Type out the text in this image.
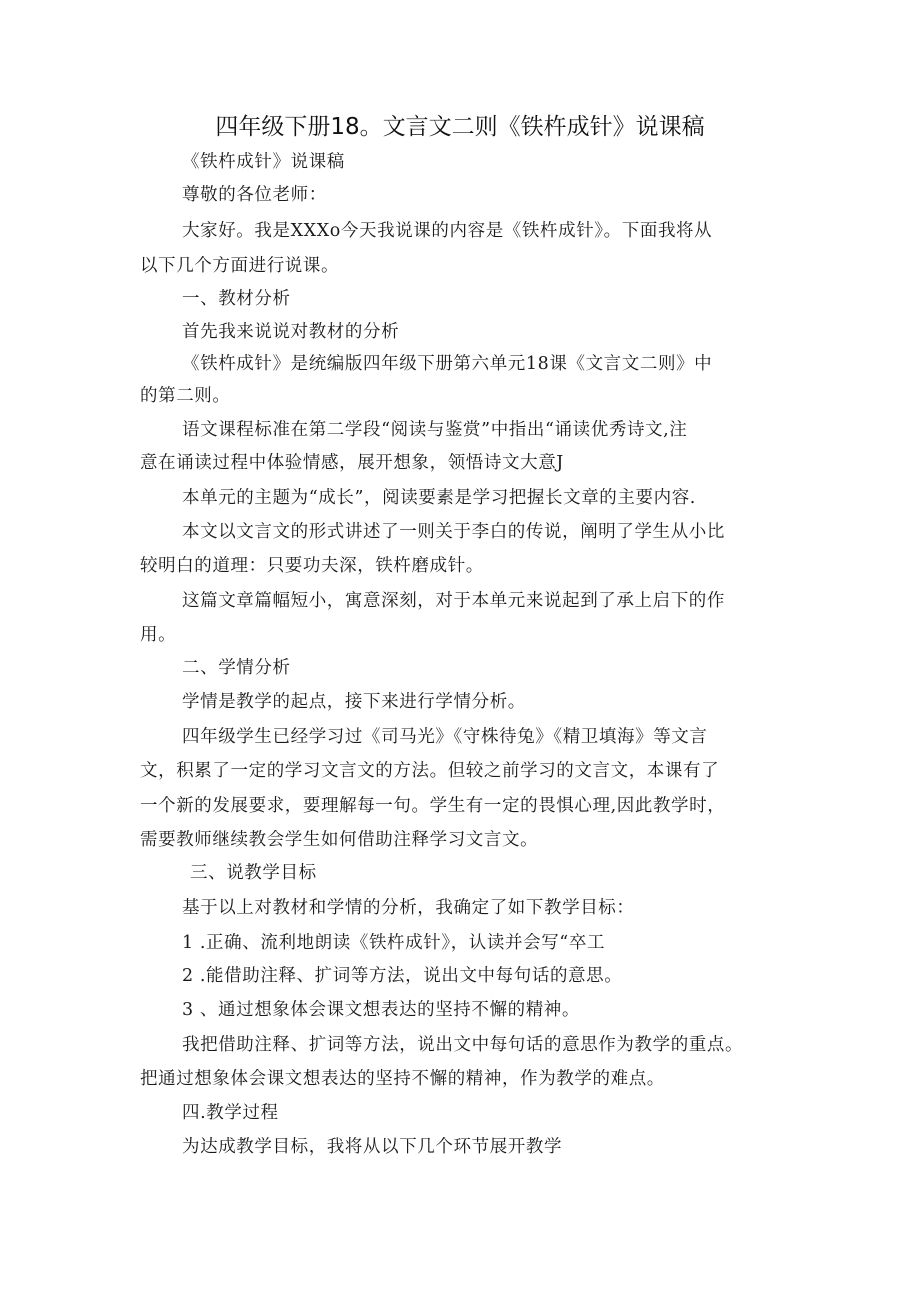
四年级下册18。文言文二则《铁杵成针》说课稿
《铁杵成针》说课稿
尊敬的各位老师：
大家好。我是XXXo今天我说课的内容是《铁杵成针》。下面我将从
以下几个方面进行说课。
一、教材分析
首先我来说说对教材的分析
《铁杵成针》是统编版四年级下册第六单元18课《文言文二则》中
的第二则。
语文课程标准在第二学段“阅读与鉴赏”中指出“诵读优秀诗文,注
意在诵读过程中体验情感，展开想象，领悟诗文大意J
本单元的主题为“成长”，阅读要素是学习把握长文章的主要内容.
本文以文言文的形式讲述了一则关于李白的传说，阐明了学生从小比
较明白的道理：只要功夫深，铁杵磨成针。
这篇文章篇幅短小，寓意深刻，对于本单元来说起到了承上启下的作
用。
二、学情分析
学情是教学的起点，接下来进行学情分析。
四年级学生已经学习过《司马光》《守株待兔》《精卫填海》等文言
文，积累了一定的学习文言文的方法。但较之前学习的文言文，本课有了
一个新的发展要求，要理解每一句。学生有一定的畏惧心理,因此教学时，
需要教师继续教会学生如何借助注释学习文言文。
三、说教学目标
基于以上对教材和学情的分析，我确定了如下教学目标：
1 .正确、流利地朗读《铁杵成针》，认读并会写“卒工
2 .能借助注释、扩词等方法，说出文中每句话的意思。
3 、通过想象体会课文想表达的坚持不懈的精神。
我把借助注释、扩词等方法，说出文中每句话的意思作为教学的重点。
把通过想象体会课文想表达的坚持不懈的精神，作为教学的难点。
四.教学过程
为达成教学目标，我将从以下几个环节展开教学
